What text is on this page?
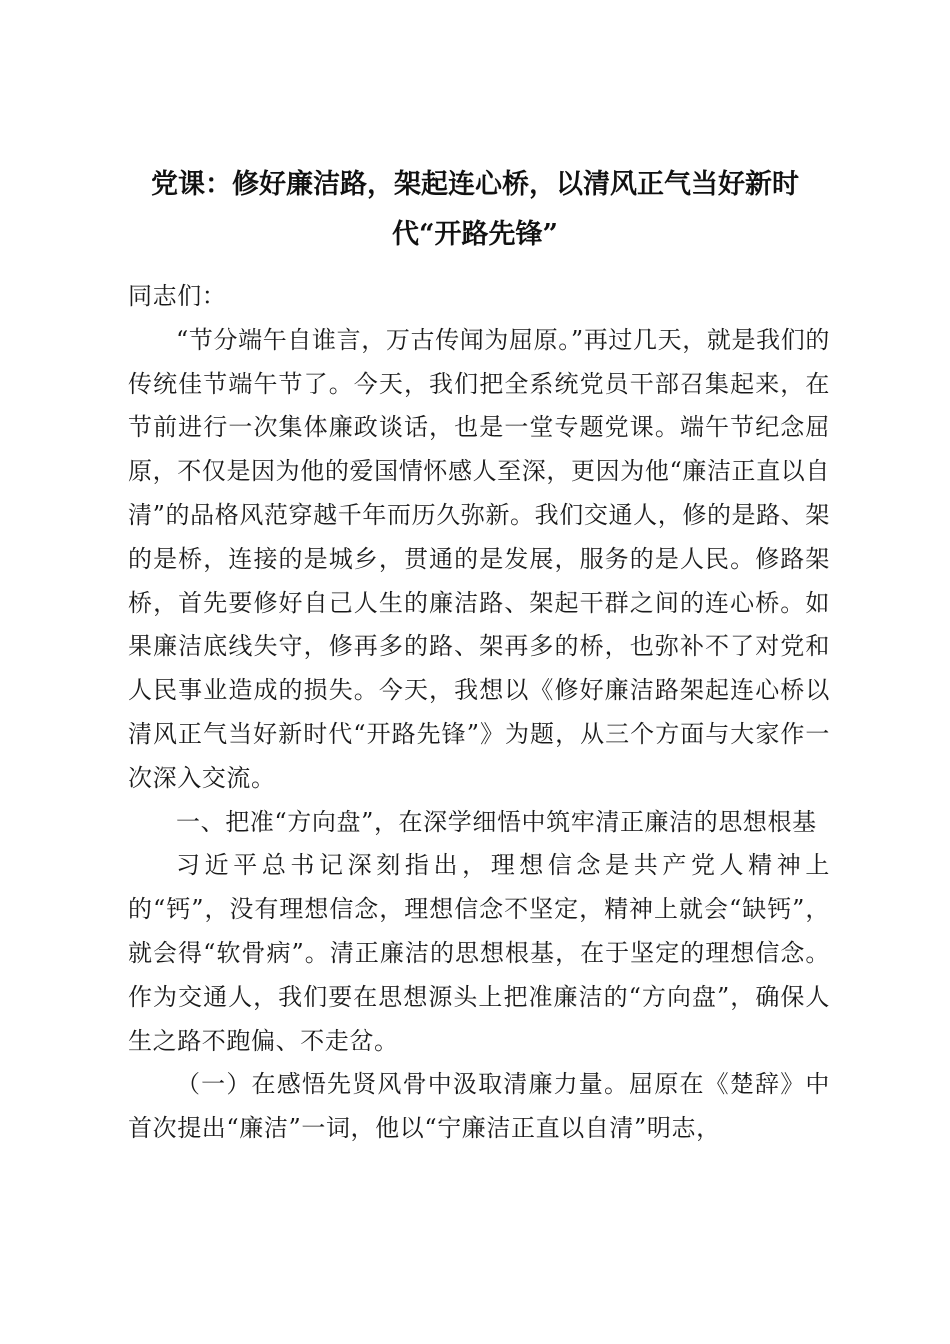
党课：修好廉洁路，架起连心桥，以清风正气当好新时代“开路先锋”

同志们：

“节分端午自谁言，万古传闻为屈原。”再过几天，就是我们的传统佳节端午节了。今天，我们把全系统党员干部召集起来，在节前进行一次集体廉政谈话，也是一堂专题党课。端午节纪念屈原，不仅是因为他的爱国情怀感人至深，更因为他“廉洁正直以自清”的品格风范穿越千年而历久弥新。我们交通人，修的是路、架的是桥，连接的是城乡，贯通的是发展，服务的是人民。修路架桥，首先要修好自己人生的廉洁路、架起干群之间的连心桥。如果廉洁底线失守，修再多的路、架再多的桥，也弥补不了对党和人民事业造成的损失。今天，我想以《修好廉洁路架起连心桥以清风正气当好新时代“开路先锋”》为题，从三个方面与大家作一次深入交流。

一、把准“方向盘”，在深学细悟中筑牢清正廉洁的思想根基

习近平总书记深刻指出，理想信念是共产党人精神上的“钙”，没有理想信念，理想信念不坚定，精神上就会“缺钙”，就会得“软骨病”。清正廉洁的思想根基，在于坚定的理想信念。作为交通人，我们要在思想源头上把准廉洁的“方向盘”，确保人生之路不跑偏、不走岔。

（一）在感悟先贤风骨中汲取清廉力量。屈原在《楚辞》中首次提出“廉洁”一词，他以“宁廉洁正直以自清”明志，
